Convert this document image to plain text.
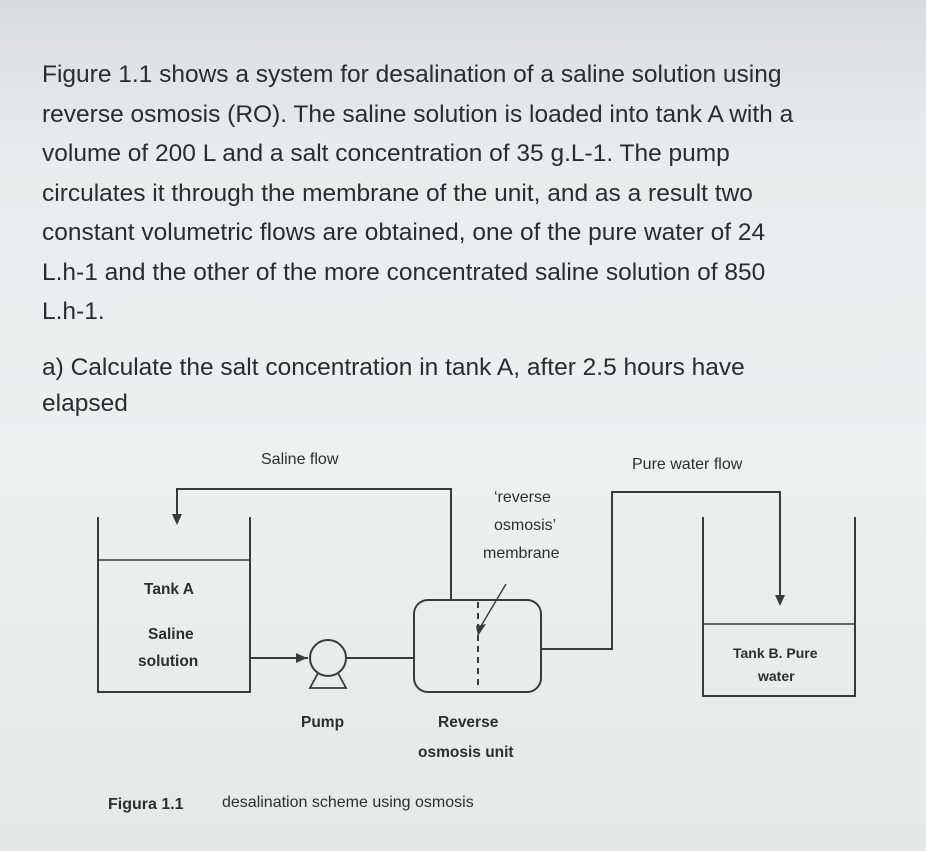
Figure 1.1 shows a system for desalination of a saline solution using

reverse osmosis (RO). The saline solution is loaded into tank A with a

volume of 200 L and a salt concentration of 35 g.L-1. The pump

circulates it through the membrane of the unit, and as a result two

constant volumetric flows are obtained, one of the pure water of 24

L.h-1 and the other of the more concentrated saline solution of 850

L.h-1.

a) Calculate the salt concentration in tank A, after 2.5 hours have

elapsed

Saline flow	Pure water flow
‘reverse
osmosis’
membrane
Tank A
Saline
solution
Pump	Reverse
osmosis unit
Tank B. Pure
water
Figura 1.1 desalination scheme using osmosis
